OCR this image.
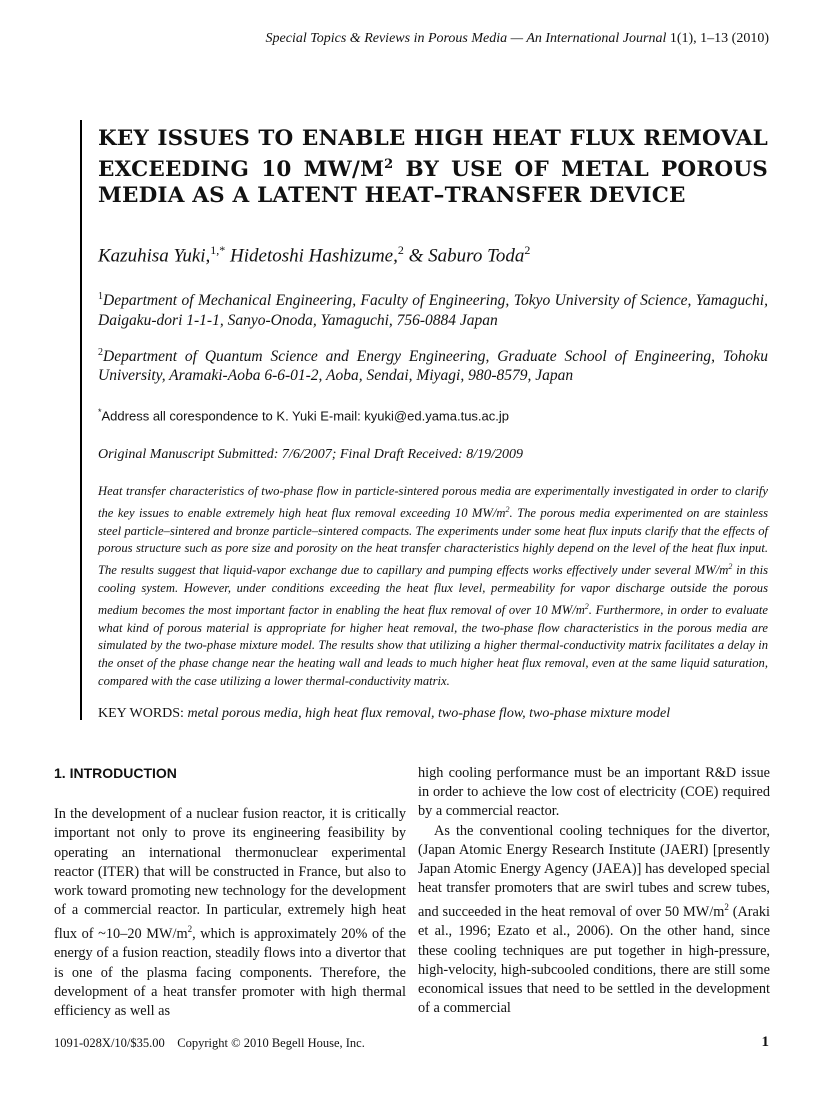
Special Topics & Reviews in Porous Media — An International Journal 1(1), 1–13 (2010)
KEY ISSUES TO ENABLE HIGH HEAT FLUX REMOVAL
EXCEEDING 10 $MW/M^2$ BY USE OF METAL POROUS
MEDIA AS A LATENT HEAT–TRANSFER DEVICE
Kazuhisa Yuki,$^{1,*}$ Hidetoshi Hashizume,$^2$ & Saburo Toda$^2$
$^1$Department of Mechanical Engineering, Faculty of Engineering, Tokyo University of Science, Yamaguchi, Daigaku-dori 1-1-1, Sanyo-Onoda, Yamaguchi, 756-0884 Japan
$^2$Department of Quantum Science and Energy Engineering, Graduate School of Engineering, Tohoku University, Aramaki-Aoba 6-6-01-2, Aoba, Sendai, Miyagi, 980-8579, Japan
*Address all corespondence to K. Yuki E-mail: kyuki@ed.yama.tus.ac.jp
Original Manuscript Submitted: 7/6/2007; Final Draft Received: 8/19/2009
Heat transfer characteristics of two-phase flow in particle-sintered porous media are experimentally investigated in order to clarify the key issues to enable extremely high heat flux removal exceeding 10 $MW/m^2$. The porous media experimented on are stainless steel particle–sintered and bronze particle–sintered compacts. The experiments under some heat flux inputs clarify that the effects of porous structure such as pore size and porosity on the heat transfer characteristics highly depend on the level of the heat flux input. The results suggest that liquid-vapor exchange due to capillary and pumping effects works effectively under several $MW/m^2$ in this cooling system. However, under conditions exceeding the heat flux level, permeability for vapor discharge outside the porous medium becomes the most important factor in enabling the heat flux removal of over 10 $MW/m^2$. Furthermore, in order to evaluate what kind of porous material is appropriate for higher heat removal, the two-phase flow characteristics in the porous media are simulated by the two-phase mixture model. The results show that utilizing a higher thermal-conductivity matrix facilitates a delay in the onset of the phase change near the heating wall and leads to much higher heat flux removal, even at the same liquid saturation, compared with the case utilizing a lower thermal-conductivity matrix.
KEY WORDS: metal porous media, high heat flux removal, two-phase flow, two-phase mixture model
1. INTRODUCTION

In the development of a nuclear fusion reactor, it is critically important not only to prove its engineering feasibility by operating an international thermonuclear experimental reactor (ITER) that will be constructed in France, but also to work toward promoting new technology for the development of a commercial reactor. In particular, extremely high heat flux of ~10–20 $MW/m^2$, which is approximately 20% of the energy of a fusion reaction, steadily flows into a divertor that is one of the plasma facing components. Therefore, the development of a heat transfer promoter with high thermal efficiency as well as

high cooling performance must be an important R&D issue in order to achieve the low cost of electricity (COE) required by a commercial reactor.

As the conventional cooling techniques for the divertor, (Japan Atomic Energy Research Institute (JAERI) [presently Japan Atomic Energy Agency (JAEA)] has developed special heat transfer promoters that are swirl tubes and screw tubes, and succeeded in the heat removal of over 50 $MW/m^2$ (Araki et al., 1996; Ezato et al., 2006). On the other hand, since these cooling techniques are put together in high-pressure, high-velocity, high-subcooled conditions, there are still some economical issues that need to be settled in the development of a commercial

1091-028X/10/$35.00    Copyright © 2010 Begell House, Inc.	1
